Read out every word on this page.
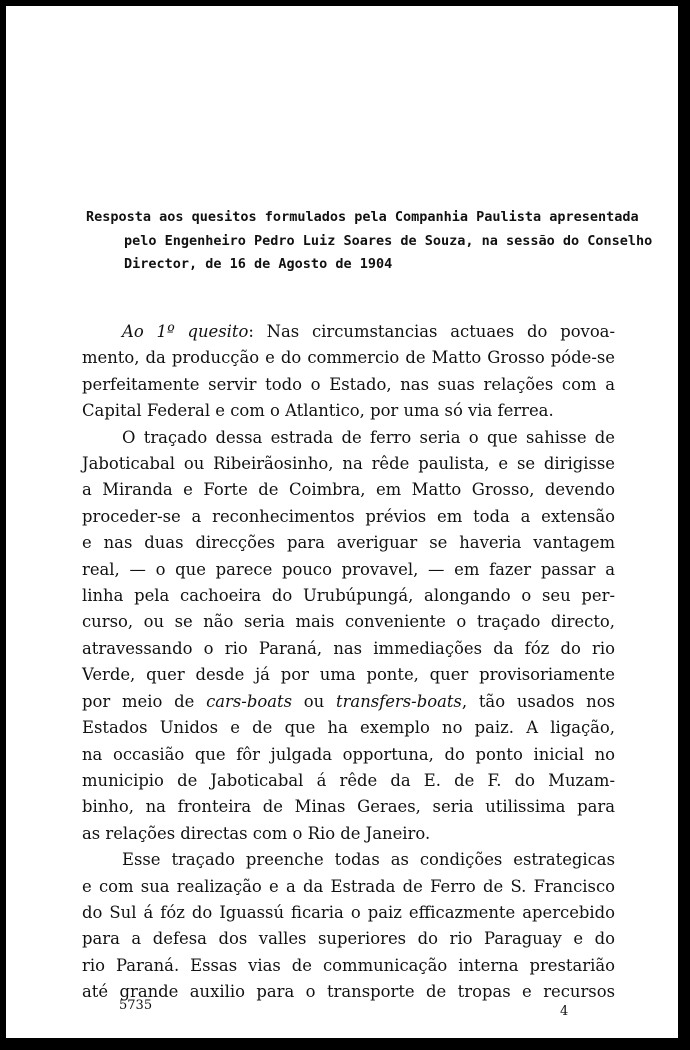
Resposta aos quesitos formulados pela Companhia Paulista apresentada
pelo Engenheiro Pedro Luiz Soares de Souza, na sessão do Conselho
Director, de 16 de Agosto de 1904
Ao 1º quesito: Nas circumstancias actuaes do povoa-
mento, da producção e do commercio de Matto Grosso póde-se
perfeitamente servir todo o Estado, nas suas relações com a
Capital Federal e com o Atlantico, por uma só via ferrea.
O traçado dessa estrada de ferro seria o que sahisse de
Jaboticabal ou Ribeirãosinho, na rêde paulista, e se dirigisse
a Miranda e Forte de Coimbra, em Matto Grosso, devendo
proceder-se a reconhecimentos prévios em toda a extensão
e nas duas direcções para averiguar se haveria vantagem
real, — o que parece pouco provavel, — em fazer passar a
linha pela cachoeira do Urubúpungá, alongando o seu per-
curso, ou se não seria mais conveniente o traçado directo,
atravessando o rio Paraná, nas immediações da fóz do rio
Verde, quer desde já por uma ponte, quer provisoriamente
por meio de cars-boats ou transfers-boats, tão usados nos
Estados Unidos e de que ha exemplo no paiz. A ligação,
na occasião que fôr julgada opportuna, do ponto inicial no
municipio de Jaboticabal á rêde da E. de F. do Muzam-
binho, na fronteira de Minas Geraes, seria utilissima para
as relações directas com o Rio de Janeiro.
Esse traçado preenche todas as condições estrategicas
e com sua realização e a da Estrada de Ferro de S. Francisco
do Sul á fóz do Iguassú ficaria o paiz efficazmente apercebido
para a defesa dos valles superiores do rio Paraguay e do
rio Paraná. Essas vias de communicação interna prestarião
até grande auxilio para o transporte de tropas e recursos
5735	4
